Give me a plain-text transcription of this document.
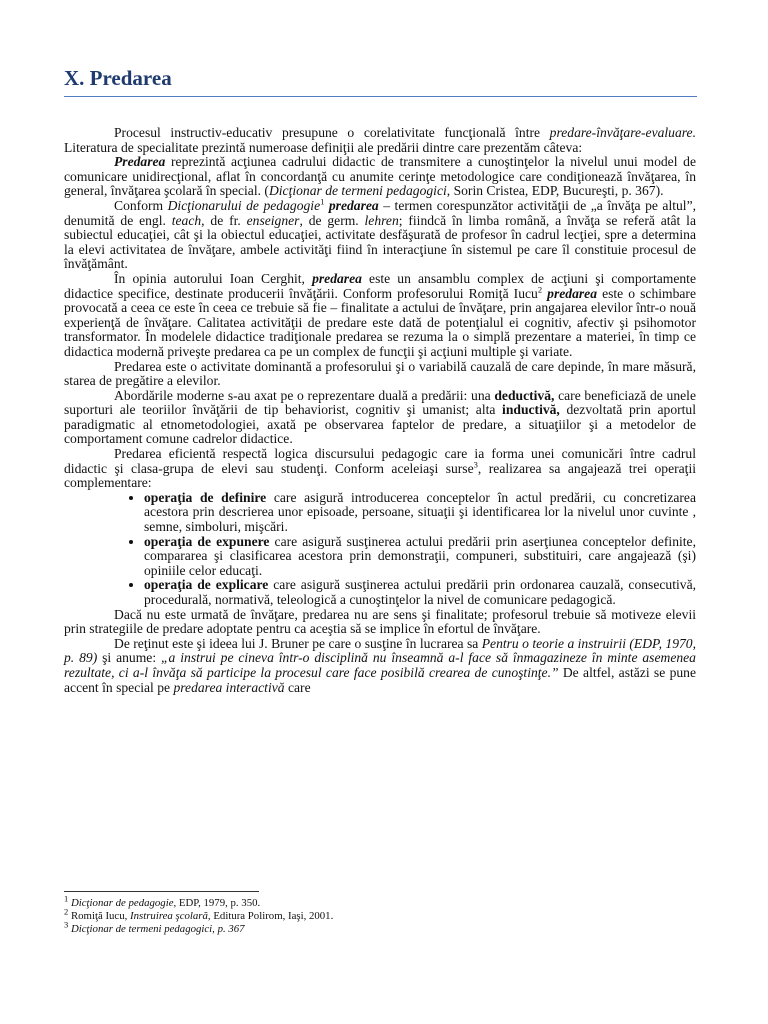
X. Predarea

Procesul instructiv-educativ presupune o corelativitate funcţională între predare-învăţare-evaluare. Literatura de specialitate prezintă numeroase definiţii ale predării dintre care prezentăm câteva:

Predarea reprezintă acţiunea cadrului didactic de transmitere a cunoştinţelor la nivelul unui model de comunicare unidirecţional, aflat în concordanţă cu anumite cerinţe metodologice care condiţionează învăţarea, în general, învăţarea şcolară în special. (Dicţionar de termeni pedagogici, Sorin Cristea, EDP, Bucureşti, p. 367).

Conform Dicţionarului de pedagogie$^1$ predarea – termen corespunzător activităţii de „a învăţa pe altul”, denumită de engl. teach, de fr. enseigner, de germ. lehren; fiindcă în limba română, a învăţa se referă atât la subiectul educaţiei, cât şi la obiectul educaţiei, activitate desfăşurată de profesor în cadrul lecţiei, spre a determina la elevi activitatea de învăţare, ambele activităţi fiind în interacţiune în sistemul pe care îl constituie procesul de învăţământ.

În opinia autorului Ioan Cerghit, predarea este un ansamblu complex de acţiuni şi comportamente didactice specifice, destinate producerii învăţării. Conform profesorului Romiţă Iucu$^2$ predarea este o schimbare provocată a ceea ce este în ceea ce trebuie să fie – finalitate a actului de învăţare, prin angajarea elevilor într-o nouă experienţă de învăţare. Calitatea activităţii de predare este dată de potenţialul ei cognitiv, afectiv şi psihomotor transformator. În modelele didactice tradiţionale predarea se rezuma la o simplă prezentare a materiei, în timp ce didactica modernă priveşte predarea ca pe un complex de funcţii şi acţiuni multiple şi variate.

Predarea este o activitate dominantă a profesorului şi o variabilă cauzală de care depinde, în mare măsură, starea de pregătire a elevilor.

Abordările moderne s-au axat pe o reprezentare duală a predării: una deductivă, care beneficiază de unele suporturi ale teoriilor învăţării de tip behaviorist, cognitiv şi umanist; alta inductivă, dezvoltată prin aportul paradigmatic al etnometodologiei, axată pe observarea faptelor de predare, a situaţiilor şi a metodelor de comportament comune cadrelor didactice.

Predarea eficientă respectă logica discursului pedagogic care ia forma unei comunicări între cadrul didactic şi clasa-grupa de elevi sau studenţi. Conform aceleiaşi surse$^3$, realizarea sa angajează trei operaţii complementare:

• operaţia de definire care asigură introducerea conceptelor în actul predării, cu concretizarea acestora prin descrierea unor episoade, persoane, situaţii şi identificarea lor la nivelul unor cuvinte , semne, simboluri, mişcări.
• operaţia de expunere care asigură susţinerea actului predării prin aserţiunea conceptelor definite, compararea şi clasificarea acestora prin demonstraţii, compuneri, substituiri, care angajează (şi) opiniile celor educaţi.
• operaţia de explicare care asigură susţinerea actului predării prin ordonarea cauzală, consecutivă, procedurală, normativă, teleologică a cunoştinţelor la nivel de comunicare pedagogică.

Dacă nu este urmată de învăţare, predarea nu are sens şi finalitate; profesorul trebuie să motiveze elevii prin strategiile de predare adoptate pentru ca aceştia să se implice în efortul de învăţare.

De reţinut este şi ideea lui J. Bruner pe care o susţine în lucrarea sa Pentru o teorie a instruirii (EDP, 1970, p. 89) şi anume: „a instrui pe cineva într-o disciplină nu înseamnă a-l face să înmagazineze în minte asemenea rezultate, ci a-l învăţa să participe la procesul care face posibilă crearea de cunoştinţe.” De altfel, astăzi se pune accent în special pe predarea interactivă care

$^1$ Dicţionar de pedagogie, EDP, 1979, p. 350.
$^2$ Romiţă Iucu, Instruirea şcolară, Editura Polirom, Iaşi, 2001.
$^3$ Dicţionar de termeni pedagogici, p. 367
